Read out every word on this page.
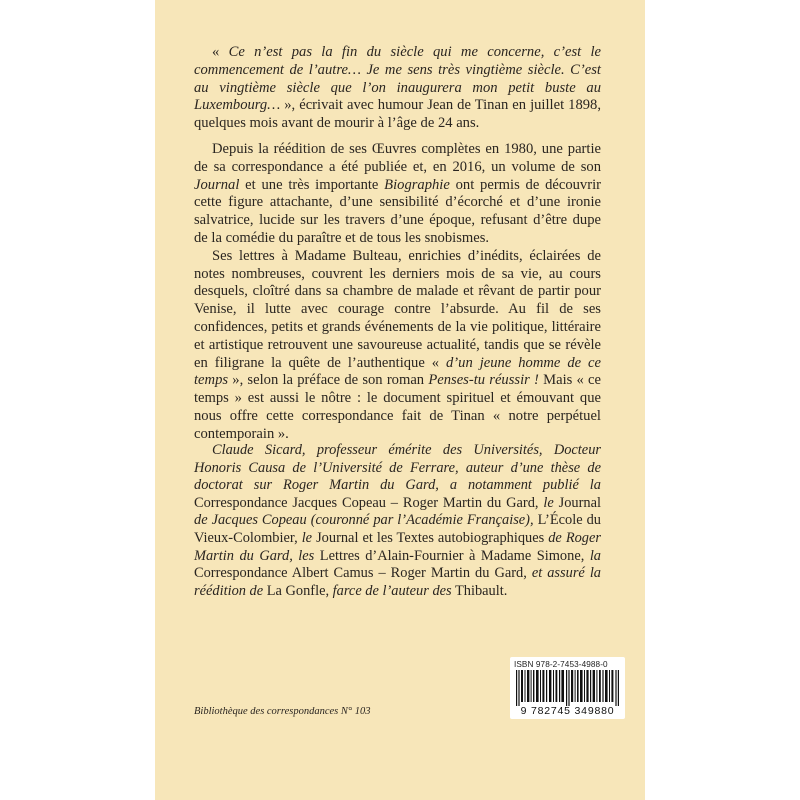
« Ce n’est pas la fin du siècle qui me concerne, c’est le commencement de l’autre… Je me sens très vingtième siècle. C’est au vingtième siècle que l’on inaugurera mon petit buste au Luxembourg… », écrivait avec humour Jean de Tinan en juillet 1898, quelques mois avant de mourir à l’âge de 24 ans.

Depuis la réédition de ses Œuvres complètes en 1980, une partie de sa correspondance a été publiée et, en 2016, un volume de son Journal et une très importante Biographie ont permis de découvrir cette figure attachante, d’une sensibilité d’écorché et d’une ironie salvatrice, lucide sur les travers d’une époque, refusant d’être dupe de la comédie du paraître et de tous les snobismes.

Ses lettres à Madame Bulteau, enrichies d’inédits, éclairées de notes nombreuses, couvrent les derniers mois de sa vie, au cours desquels, cloîtré dans sa chambre de malade et rêvant de partir pour Venise, il lutte avec courage contre l’absurde. Au fil de ses confidences, petits et grands événements de la vie politique, littéraire et artistique retrouvent une savoureuse actualité, tandis que se révèle en filigrane la quête de l’authentique « d’un jeune homme de ce temps », selon la préface de son roman Penses-tu réussir ! Mais « ce temps » est aussi le nôtre : le document spirituel et émouvant que nous offre cette correspondance fait de Tinan « notre perpétuel contemporain ».

Claude Sicard, professeur émérite des Universités, Docteur Honoris Causa de l’Université de Ferrare, auteur d’une thèse de doctorat sur Roger Martin du Gard, a notamment publié la Correspondance Jacques Copeau – Roger Martin du Gard, le Journal de Jacques Copeau (couronné par l’Académie Française), L’École du Vieux-Colombier, le Journal et les Textes autobiographiques de Roger Martin du Gard, les Lettres d’Alain-Fournier à Madame Simone, la Correspondance Albert Camus – Roger Martin du Gard, et assuré la réédition de La Gonfle, farce de l’auteur des Thibault.
Bibliothèque des correspondances N° 103
ISBN 978-2-7453-4988-0
9 782745 349880
